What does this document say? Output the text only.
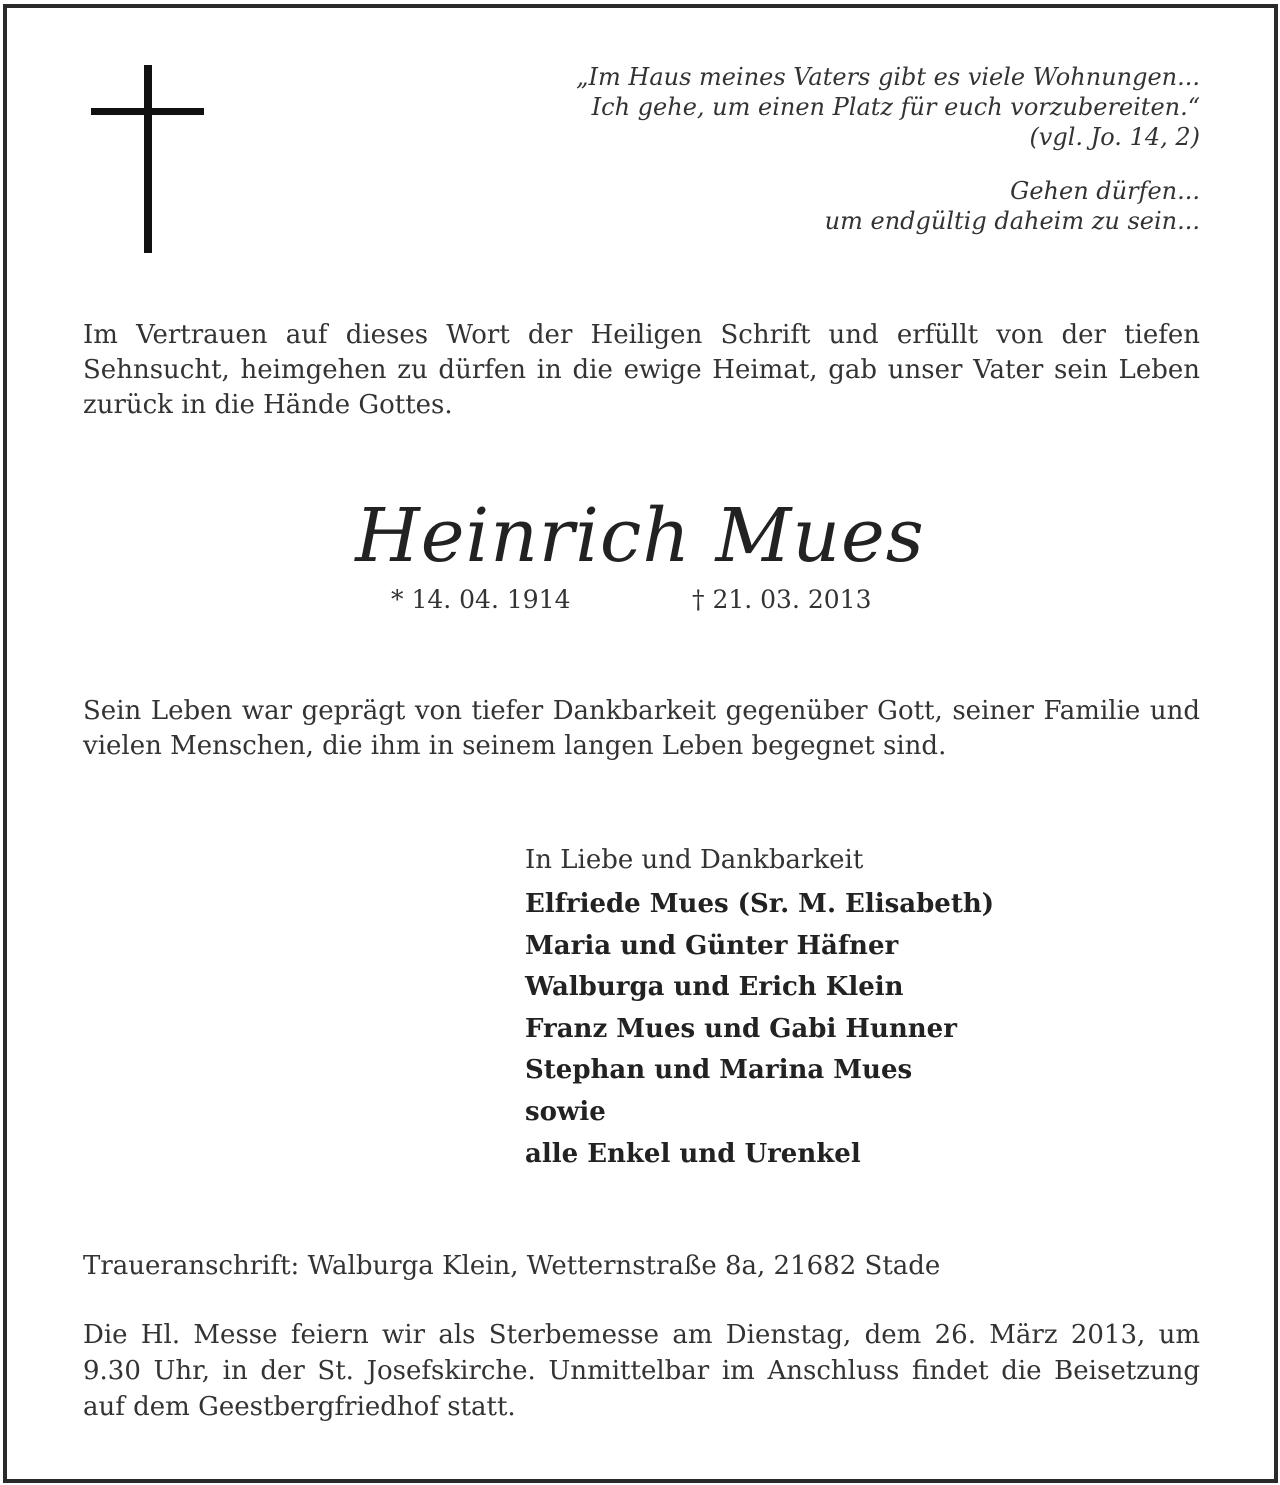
„Im Haus meines Vaters gibt es viele Wohnungen...
Ich gehe, um einen Platz für euch vorzubereiten.“
(vgl. Jo. 14, 2)
Gehen dürfen...
um endgültig daheim zu sein...
Im Vertrauen auf dieses Wort der Heiligen Schrift und erfüllt von der tiefen Sehnsucht, heimgehen zu dürfen in die ewige Heimat, gab unser Vater sein Leben zurück in die Hände Gottes.
Heinrich Mues
* 14. 04. 1914	† 21. 03. 2013
Sein Leben war geprägt von tiefer Dankbarkeit gegenüber Gott, seiner Familie und vielen Menschen, die ihm in seinem langen Leben begegnet sind.
In Liebe und Dankbarkeit
Elfriede Mues (Sr. M. Elisabeth)
Maria und Günter Häfner
Walburga und Erich Klein
Franz Mues und Gabi Hunner
Stephan und Marina Mues
sowie
alle Enkel und Urenkel
Traueranschrift: Walburga Klein, Wetternstraße 8a, 21682 Stade
Die Hl. Messe feiern wir als Sterbemesse am Dienstag, dem 26. März 2013, um 9.30 Uhr, in der St. Josefskirche. Unmittelbar im Anschluss findet die Beisetzung auf dem Geestbergfriedhof statt.
